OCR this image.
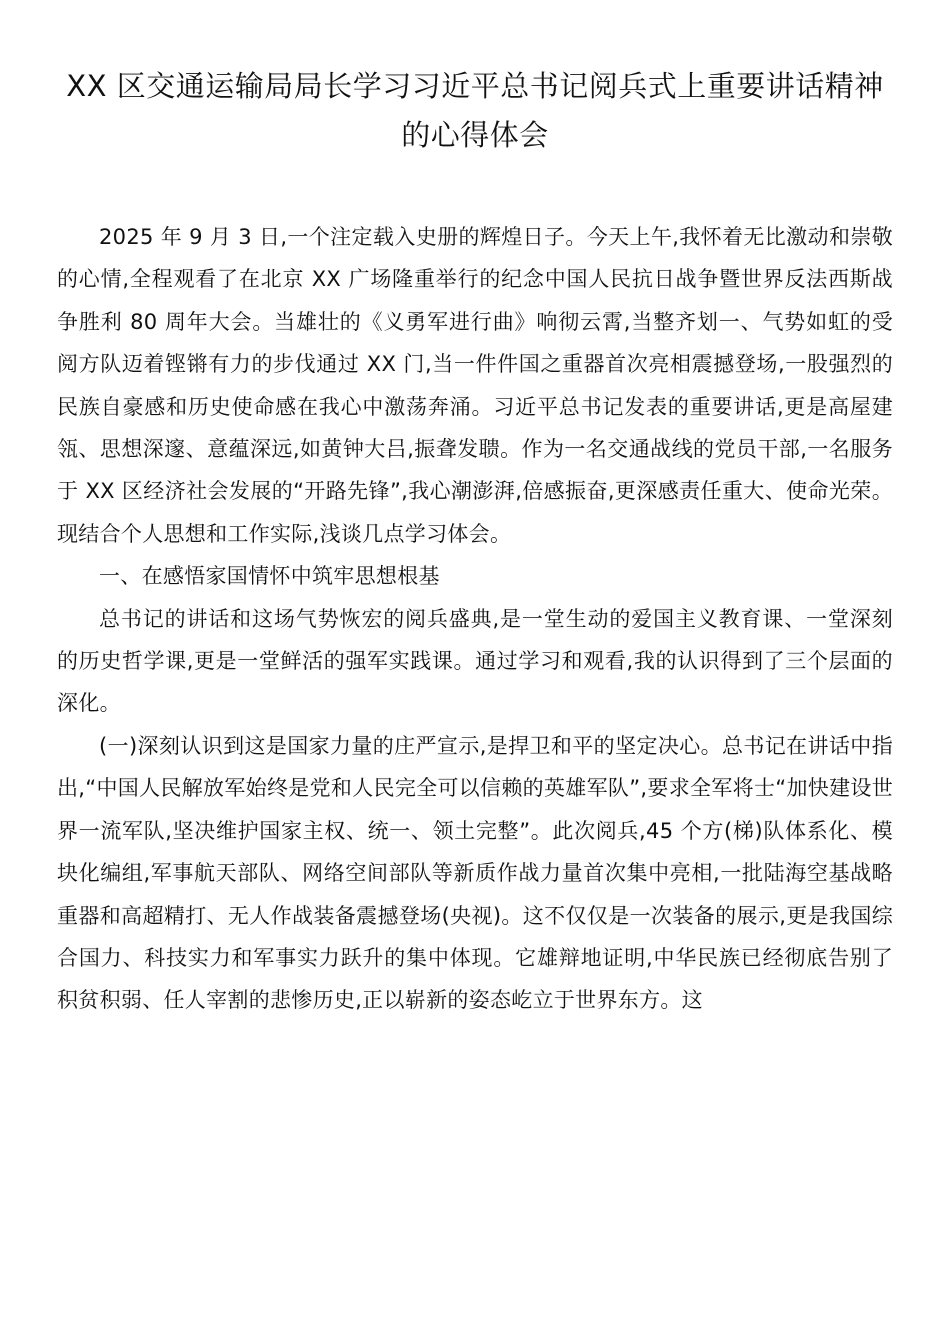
XX 区交通运输局局长学习习近平总书记阅兵式上重要讲话精神的心得体会

2025 年 9 月 3 日,一个注定载入史册的辉煌日子。今天上午,我怀着无比激动和崇敬的心情,全程观看了在北京 XX 广场隆重举行的纪念中国人民抗日战争暨世界反法西斯战争胜利 80 周年大会。当雄壮的《义勇军进行曲》响彻云霄,当整齐划一、气势如虹的受阅方队迈着铿锵有力的步伐通过 XX 门,当一件件国之重器首次亮相震撼登场,一股强烈的民族自豪感和历史使命感在我心中激荡奔涌。习近平总书记发表的重要讲话,更是高屋建瓴、思想深邃、意蕴深远,如黄钟大吕,振聋发聩。作为一名交通战线的党员干部,一名服务于 XX 区经济社会发展的“开路先锋”,我心潮澎湃,倍感振奋,更深感责任重大、使命光荣。现结合个人思想和工作实际,浅谈几点学习体会。

一、在感悟家国情怀中筑牢思想根基

总书记的讲话和这场气势恢宏的阅兵盛典,是一堂生动的爱国主义教育课、一堂深刻的历史哲学课,更是一堂鲜活的强军实践课。通过学习和观看,我的认识得到了三个层面的深化。

(一)深刻认识到这是国家力量的庄严宣示,是捍卫和平的坚定决心。总书记在讲话中指出,“中国人民解放军始终是党和人民完全可以信赖的英雄军队”,要求全军将士“加快建设世界一流军队,坚决维护国家主权、统一、领土完整”。此次阅兵,45 个方(梯)队体系化、模块化编组,军事航天部队、网络空间部队等新质作战力量首次集中亮相,一批陆海空基战略重器和高超精打、无人作战装备震撼登场(央视)。这不仅仅是一次装备的展示,更是我国综合国力、科技实力和军事实力跃升的集中体现。它雄辩地证明,中华民族已经彻底告别了积贫积弱、任人宰割的悲惨历史,正以崭新的姿态屹立于世界东方。这
